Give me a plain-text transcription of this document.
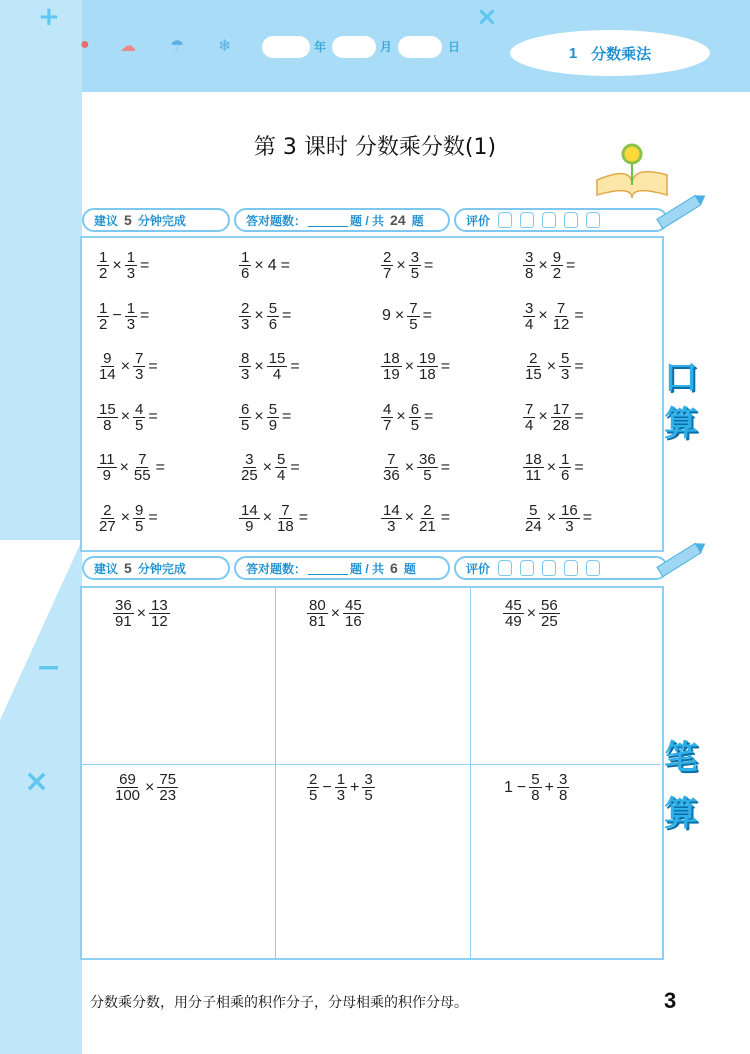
+	×
−
×
● ☁ ☂ ❄	年	月	日	1 分数乘法
第 3 课时 分数乘分数(1)
建议 5 分钟完成	答对题数：	题 / 共 24 题	评价
$\frac{1}{2} \times \frac{1}{3}$ =	$\frac{1}{6} \times 4$ =	$\frac{2}{7} \times \frac{3}{5}$ =	$\frac{3}{8} \times \frac{9}{2}$ =
$\frac{1}{2} - \frac{1}{3}$ =	$\frac{2}{3} \times \frac{5}{6}$ =	$9 \times \frac{7}{5}$ =	$\frac{3}{4} \times \frac{7}{12}$ =
$\frac{9}{14} \times \frac{7}{3}$ =	$\frac{8}{3} \times \frac{15}{4}$ =	$\frac{18}{19} \times \frac{19}{18}$ =	$\frac{2}{15} \times \frac{5}{3}$ =
$\frac{15}{8} \times \frac{4}{5}$ =	$\frac{6}{5} \times \frac{5}{9}$ =	$\frac{4}{7} \times \frac{6}{5}$ =	$\frac{7}{4} \times \frac{17}{28}$ =
$\frac{11}{9} \times \frac{7}{55}$ =	$\frac{3}{25} \times \frac{5}{4}$ =	$\frac{7}{36} \times \frac{36}{5}$ =	$\frac{18}{11} \times \frac{1}{6}$ =
$\frac{2}{27} \times \frac{9}{5}$ =	$\frac{14}{9} \times \frac{7}{18}$ =	$\frac{14}{3} \times \frac{2}{21}$ =	$\frac{5}{24} \times \frac{16}{3}$ =
口
算
建议 5 分钟完成	答对题数：	题 / 共 6 题	评价
$\frac{36}{91} \times \frac{13}{12}$	$\frac{80}{81} \times \frac{45}{16}$	$\frac{45}{49} \times \frac{56}{25}$
$\frac{69}{100} \times \frac{75}{23}$	$\frac{2}{5} - \frac{1}{3} + \frac{3}{5}$	$1 - \frac{5}{8} + \frac{3}{8}$
笔
算
分数乘分数，用分子相乘的积作分子，分母相乘的积作分母。	3
